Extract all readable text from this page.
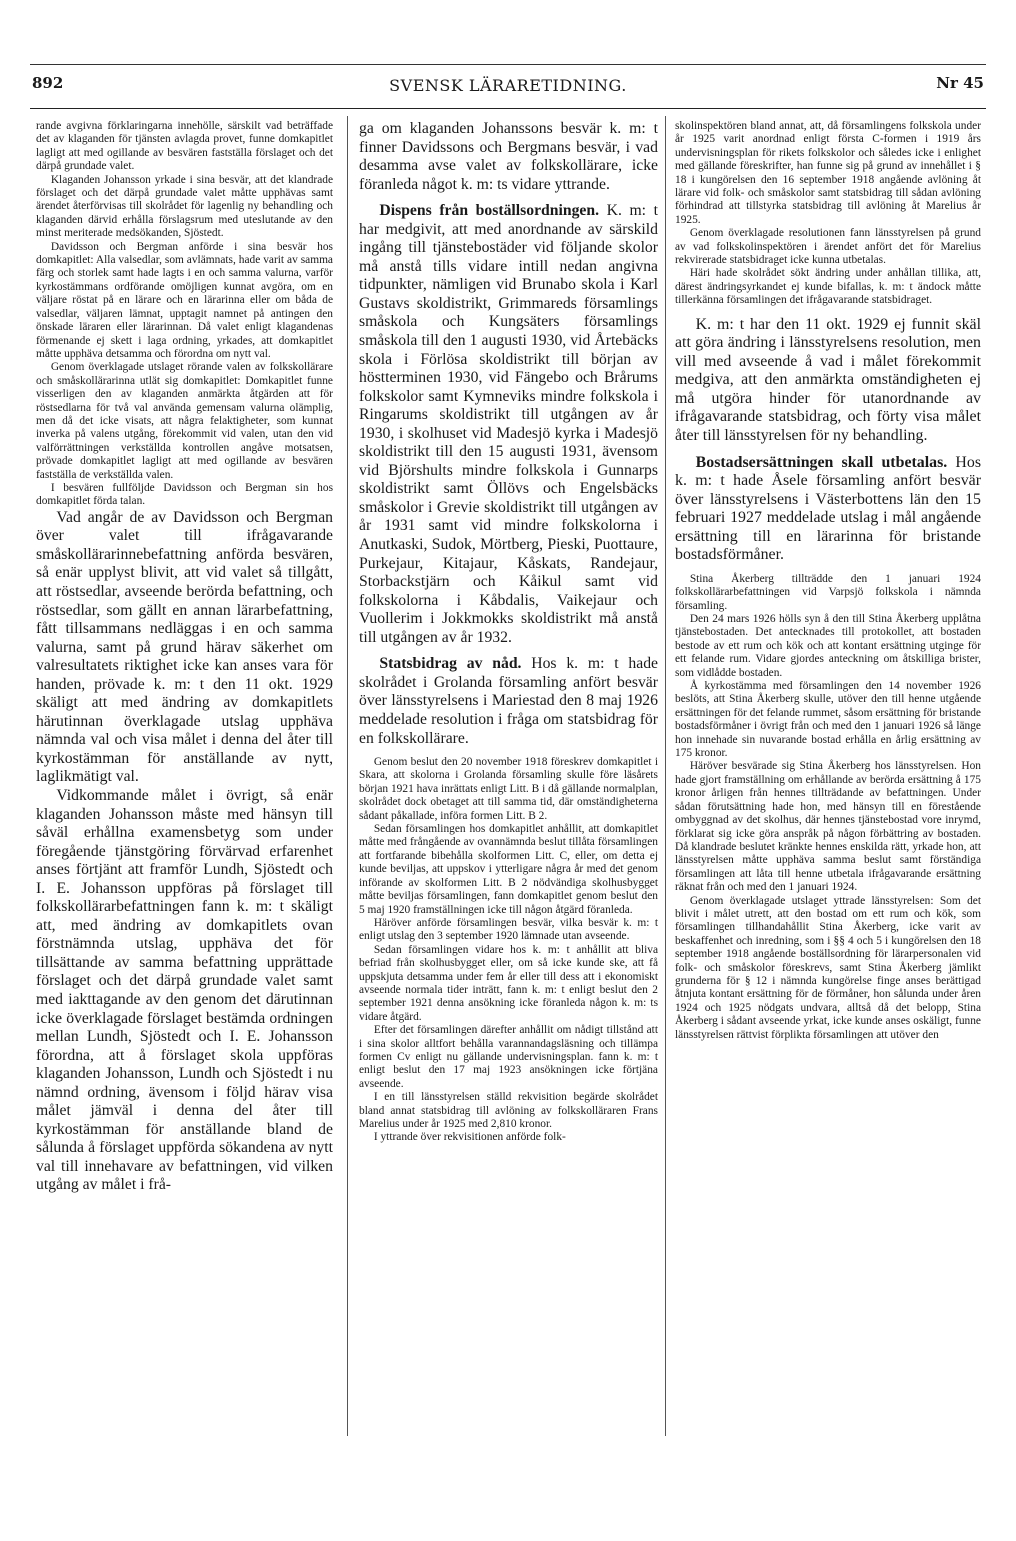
892	SVENSK LÄRARETIDNING.	Nr 45

rande avgivna förklaringarna innehölle, särskilt vad beträffade det av klaganden för tjänsten avlagda provet, funne domkapitlet lagligt att med ogillande av besvären fastställa förslaget och det därpå grundade valet.

Klaganden Johansson yrkade i sina besvär, att det klandrade förslaget och det därpå grundade valet måtte upphävas samt ärendet återförvisas till skolrådet för lagenlig ny behandling och klaganden därvid erhålla förslagsrum med uteslutande av den minst meriterade medsökanden, Sjöstedt.

Davidsson och Bergman anförde i sina besvär hos domkapitlet: Alla valsedlar, som avlämnats, hade varit av samma färg och storlek samt hade lagts i en och samma valurna, varför kyrkostämmans ordförande omöjligen kunnat avgöra, om en väljare röstat på en lärare och en lärarinna eller om båda de valsedlar, väljaren lämnat, upptagit namnet på antingen den önskade läraren eller lärarinnan. Då valet enligt klagandenas förmenande ej skett i laga ordning, yrkades, att domkapitlet måtte upphäva detsamma och förordna om nytt val.

Genom överklagade utslaget rörande valen av folkskollärare och småskollärarinna utlät sig domkapitlet: Domkapitlet funne visserligen den av klaganden anmärkta åtgärden att för röstsedlarna för två val använda gemensam valurna olämplig, men då det icke visats, att några felaktigheter, som kunnat inverka på valens utgång, förekommit vid valen, utan den vid valförrättningen verkställda kontrollen angåve motsatsen, prövade domkapitlet lagligt att med ogillande av besvären fastställa de verkställda valen.

I besvären fullföljde Davidsson och Bergman sin hos domkapitlet förda talan.

Vad angår de av Davidsson och Bergman över valet till ifrågavarande småskollärarinnebefattning anförda besvären, så enär upplyst blivit, att vid valet så tillgått, att röstsedlar, avseende berörda befattning, och röstsedlar, som gällt en annan lärarbefattning, fått tillsammans nedläggas i en och samma valurna, samt på grund härav säkerhet om valresultatets riktighet icke kan anses vara för handen, prövade k. m: t den 11 okt. 1929 skäligt att med ändring av domkapitlets härutinnan överklagade utslag upphäva nämnda val och visa målet i denna del åter till kyrkostämman för anställande av nytt, laglikmätigt val.

Vidkommande målet i övrigt, så enär klaganden Johansson måste med hänsyn till såväl erhållna examensbetyg som under föregående tjänstgöring förvärvad erfarenhet anses förtjänt att framför Lundh, Sjöstedt och I. E. Johansson uppföras på förslaget till folkskollärarbefattningen fann k. m: t skäligt att, med ändring av domkapitlets ovan förstnämnda utslag, upphäva det för tillsättande av samma befattning upprättade förslaget och det därpå grundade valet samt med iakttagande av den genom det därutinnan icke överklagade förslaget bestämda ordningen mellan Lundh, Sjöstedt och I. E. Johansson förordna, att å förslaget skola uppföras klaganden Johansson, Lundh och Sjöstedt i nu nämnd ordning, ävensom i följd härav visa målet jämväl i denna del åter till kyrkostämman för anställande bland de sålunda å förslaget uppförda sökandena av nytt val till innehavare av befattningen, vid vilken utgång av målet i frå-

ga om klaganden Johanssons besvär k. m: t finner Davidssons och Bergmans besvär, i vad desamma avse valet av folkskollärare, icke föranleda något k. m: ts vidare yttrande.

Dispens från boställsordningen. K. m: t har medgivit, att med anordnande av särskild ingång till tjänstebostäder vid följande skolor må anstå tills vidare intill nedan angivna tidpunkter, nämligen vid Brunabo skola i Karl Gustavs skoldistrikt, Grimmareds församlings småskola och Kungsäters församlings småskola till den 1 augusti 1930, vid Årtebäcks skola i Förlösa skoldistrikt till början av höstterminen 1930, vid Fängebo och Brårums folkskolor samt Kymneviks mindre folkskola i Ringarums skoldistrikt till utgången av år 1930, i skolhuset vid Madesjö kyrka i Madesjö skoldistrikt till den 15 augusti 1931, ävensom vid Björshults mindre folkskola i Gunnarps skoldistrikt samt Öllövs och Engelsbäcks småskolor i Grevie skoldistrikt till utgången av år 1931 samt vid mindre folkskolorna i Anutkaski, Sudok, Mörtberg, Pieski, Puottaure, Purkejaur, Kitajaur, Kåskats, Randejaur, Storbackstjärn och Kåikul samt vid folkskolorna i Kåbdalis, Vaikejaur och Vuollerim i Jokkmokks skoldistrikt må anstå till utgången av år 1932.

Statsbidrag av nåd. Hos k. m: t hade skolrådet i Grolanda församling anfört besvär över länsstyrelsens i Mariestad den 8 maj 1926 meddelade resolution i fråga om statsbidrag för en folkskollärare.

Genom beslut den 20 november 1918 föreskrev domkapitlet i Skara, att skolorna i Grolanda församling skulle före läsårets början 1921 hava inrättats enligt Litt. B i då gällande normalplan, skolrådet dock obetaget att till samma tid, där omständigheterna sådant påkallade, införa formen Litt. B 2.

Sedan församlingen hos domkapitlet anhållit, att domkapitlet måtte med frångående av ovannämnda beslut tillåta församlingen att fortfarande bibehålla skolformen Litt. C, eller, om detta ej kunde beviljas, att uppskov i ytterligare några år med det genom införande av skolformen Litt. B 2 nödvändiga skolhusbygget måtte beviljas församlingen, fann domkapitlet genom beslut den 5 maj 1920 framställningen icke till någon åtgärd föranleda.

Häröver anförde församlingen besvär, vilka besvär k. m: t enligt utslag den 3 september 1920 lämnade utan avseende.

Sedan församlingen vidare hos k. m: t anhållit att bliva befriad från skolhusbygget eller, om så icke kunde ske, att få uppskjuta detsamma under fem år eller till dess att i ekonomiskt avseende normala tider inträtt, fann k. m: t enligt beslut den 2 september 1921 denna ansökning icke föranleda någon k. m: ts vidare åtgärd.

Efter det församlingen därefter anhållit om nådigt tillstånd att i sina skolor alltfort behålla varannandagsläsning och tillämpa formen Cv enligt nu gällande undervisningsplan. fann k. m: t enligt beslut den 17 maj 1923 ansökningen icke förtjäna avseende.

I en till länsstyrelsen ställd rekvisition begärde skolrådet bland annat statsbidrag till avlöning av folkskolläraren Frans Marelius under år 1925 med 2,810 kronor.

I yttrande över rekvisitionen anförde folk-

skolinspektören bland annat, att, då församlingens folkskola under år 1925 varit anordnad enligt första C-formen i 1919 års undervisningsplan för rikets folkskolor och således icke i enlighet med gällande föreskrifter, han funne sig på grund av innehållet i § 18 i kungörelsen den 16 september 1918 angående avlöning åt lärare vid folk- och småskolor samt statsbidrag till sådan avlöning förhindrad att tillstyrka statsbidrag till avlöning åt Marelius år 1925.

Genom överklagade resolutionen fann länsstyrelsen på grund av vad folkskolinspektören i ärendet anfört det för Marelius rekvirerade statsbidraget icke kunna utbetalas.

Häri hade skolrådet sökt ändring under anhållan tillika, att, därest ändringsyrkandet ej kunde bifallas, k. m: t ändock måtte tillerkänna församlingen det ifrågavarande statsbidraget.

K. m: t har den 11 okt. 1929 ej funnit skäl att göra ändring i länsstyrelsens resolution, men vill med avseende å vad i målet förekommit medgiva, att den anmärkta omständigheten ej må utgöra hinder för utanordnande av ifrågavarande statsbidrag, och förty visa målet åter till länsstyrelsen för ny behandling.

Bostadsersättningen skall utbetalas. Hos k. m: t hade Åsele församling anfört besvär över länsstyrelsens i Västerbottens län den 15 februari 1927 meddelade utslag i mål angående ersättning till en lärarinna för bristande bostadsförmåner.

Stina Åkerberg tillträdde den 1 januari 1924 folkskollärarbefattningen vid Varpsjö folkskola i nämnda församling.

Den 24 mars 1926 hölls syn å den till Stina Åkerberg upplåtna tjänstebostaden. Det antecknades till protokollet, att bostaden bestode av ett rum och kök och att kontant ersättning utginge för ett felande rum. Vidare gjordes anteckning om åtskilliga brister, som vidlådde bostaden.

Å kyrkostämma med församlingen den 14 november 1926 beslöts, att Stina Åkerberg skulle, utöver den till henne utgående ersättningen för det felande rummet, såsom ersättning för bristande bostadsförmåner i övrigt från och med den 1 januari 1926 så länge hon innehade sin nuvarande bostad erhålla en årlig ersättning av 175 kronor.

Häröver besvärade sig Stina Åkerberg hos länsstyrelsen. Hon hade gjort framställning om erhållande av berörda ersättning å 175 kronor årligen från hennes tillträdande av befattningen. Under sådan förutsättning hade hon, med hänsyn till en förestående ombyggnad av det skolhus, där hennes tjänstebostad vore inrymd, förklarat sig icke göra anspråk på någon förbättring av bostaden. Då klandrade beslutet kränkte hennes enskilda rätt, yrkade hon, att länsstyrelsen måtte upphäva samma beslut samt förständiga församlingen att låta till henne utbetala ifrågavarande ersättning räknat från och med den 1 januari 1924.

Genom överklagade utslaget yttrade länsstyrelsen: Som det blivit i målet utrett, att den bostad om ett rum och kök, som församlingen tillhandahållit Stina Åkerberg, icke varit av beskaffenhet och inredning, som i §§ 4 och 5 i kungörelsen den 18 september 1918 angående boställsordning för lärarpersonalen vid folk- och småskolor föreskrevs, samt Stina Åkerberg jämlikt grunderna för § 12 i nämnda kungörelse finge anses berättigad åtnjuta kontant ersättning för de förmåner, hon sålunda under åren 1924 och 1925 nödgats undvara, alltså då det belopp, Stina Åkerberg i sådant avseende yrkat, icke kunde anses oskäligt, funne länsstyrelsen rättvist förplikta församlingen att utöver den
